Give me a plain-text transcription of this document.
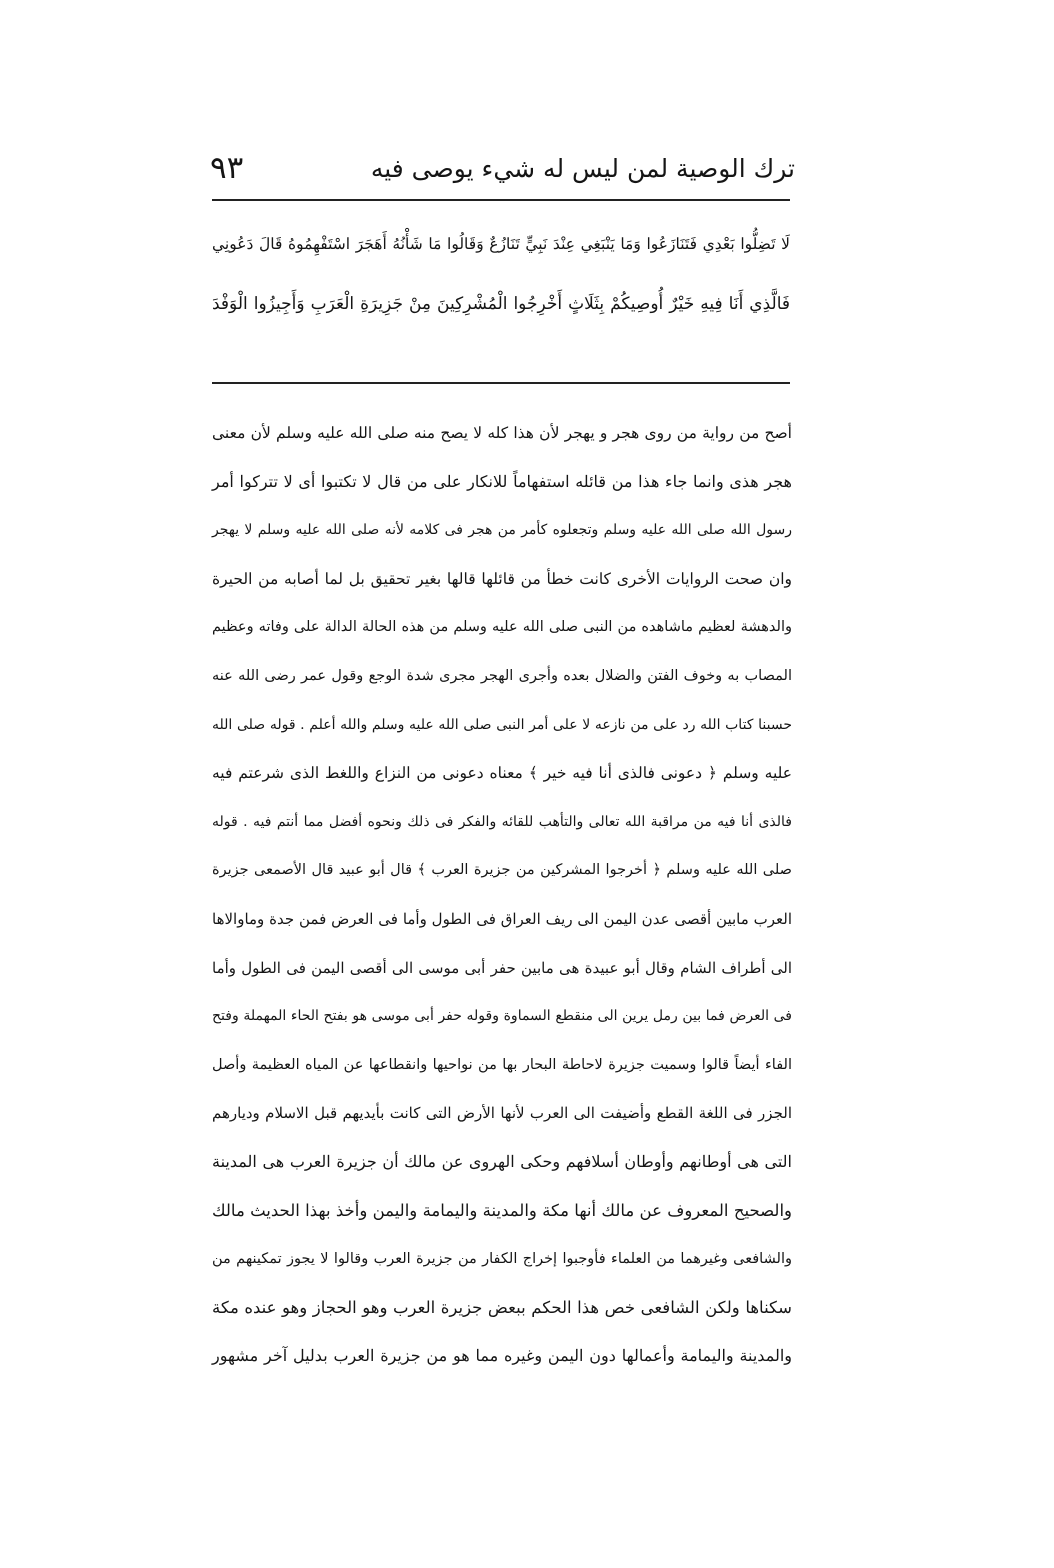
٩٣	ترك الوصية لمن ليس له شيء يوصى فيه
لَا تَضِلُّوا بَعْدِي فَتَنَازَعُوا وَمَا يَنْبَغِي عِنْدَ نَبِيٍّ تَنَازُعٌ وَقَالُوا مَا شَأْنُهُ أَهَجَرَ اسْتَفْهِمُوهُ قَالَ دَعُونِي
فَالَّذِي أَنَا فِيهِ خَيْرٌ أُوصِيكُمْ بِثَلَاثٍ أَخْرِجُوا الْمُشْرِكِينَ مِنْ جَزِيرَةِ الْعَرَبِ وَأَجِيزُوا الْوَفْدَ
أصح من رواية من روى هجر و يهجر لأن هذا كله لا يصح منه صلى الله عليه وسلم لأن معنى
هجر هذى وانما جاء هذا من قائله استفهاماً للانكار على من قال لا تكتبوا أى لا تتركوا أمر
رسول الله صلى الله عليه وسلم وتجعلوه كأمر من هجر فى كلامه لأنه صلى الله عليه وسلم لا يهجر
وان صحت الروايات الأخرى كانت خطأ من قائلها قالها بغير تحقيق بل لما أصابه من الحيرة
والدهشة لعظيم ماشاهده من النبى صلى الله عليه وسلم من هذه الحالة الدالة على وفاته وعظيم
المصاب به وخوف الفتن والضلال بعده وأجرى الهجر مجرى شدة الوجع وقول عمر رضى الله عنه
حسبنا كتاب الله رد على من نازعه لا على أمر النبى صلى الله عليه وسلم والله أعلم . قوله صلى الله
عليه وسلم ﴿ دعونى فالذى أنا فيه خير ﴾ معناه دعونى من النزاع واللغط الذى شرعتم فيه
فالذى أنا فيه من مراقبة الله تعالى والتأهب للقائه والفكر فى ذلك ونحوه أفضل مما أنتم فيه . قوله
صلى الله عليه وسلم ﴿ أخرجوا المشركين من جزيرة العرب ﴾ قال أبو عبيد قال الأصمعى جزيرة
العرب مابين أقصى عدن اليمن الى ريف العراق فى الطول وأما فى العرض فمن جدة وماوالاها
الى أطراف الشام وقال أبو عبيدة هى مابين حفر أبى موسى الى أقصى اليمن فى الطول وأما
فى العرض فما بين رمل يرين الى منقطع السماوة وقوله حفر أبى موسى هو بفتح الحاء المهملة وفتح
الفاء أيضاً قالوا وسميت جزيرة لاحاطة البحار بها من نواحيها وانقطاعها عن المياه العظيمة وأصل
الجزر فى اللغة القطع وأضيفت الى العرب لأنها الأرض التى كانت بأيديهم قبل الاسلام وديارهم
التى هى أوطانهم وأوطان أسلافهم وحكى الهروى عن مالك أن جزيرة العرب هى المدينة
والصحيح المعروف عن مالك أنها مكة والمدينة واليمامة واليمن وأخذ بهذا الحديث مالك
والشافعى وغيرهما من العلماء فأوجبوا إخراج الكفار من جزيرة العرب وقالوا لا يجوز تمكينهم من
سكناها ولكن الشافعى خص هذا الحكم ببعض جزيرة العرب وهو الحجاز وهو عنده مكة
والمدينة واليمامة وأعمالها دون اليمن وغيره مما هو من جزيرة العرب بدليل آخر مشهور
